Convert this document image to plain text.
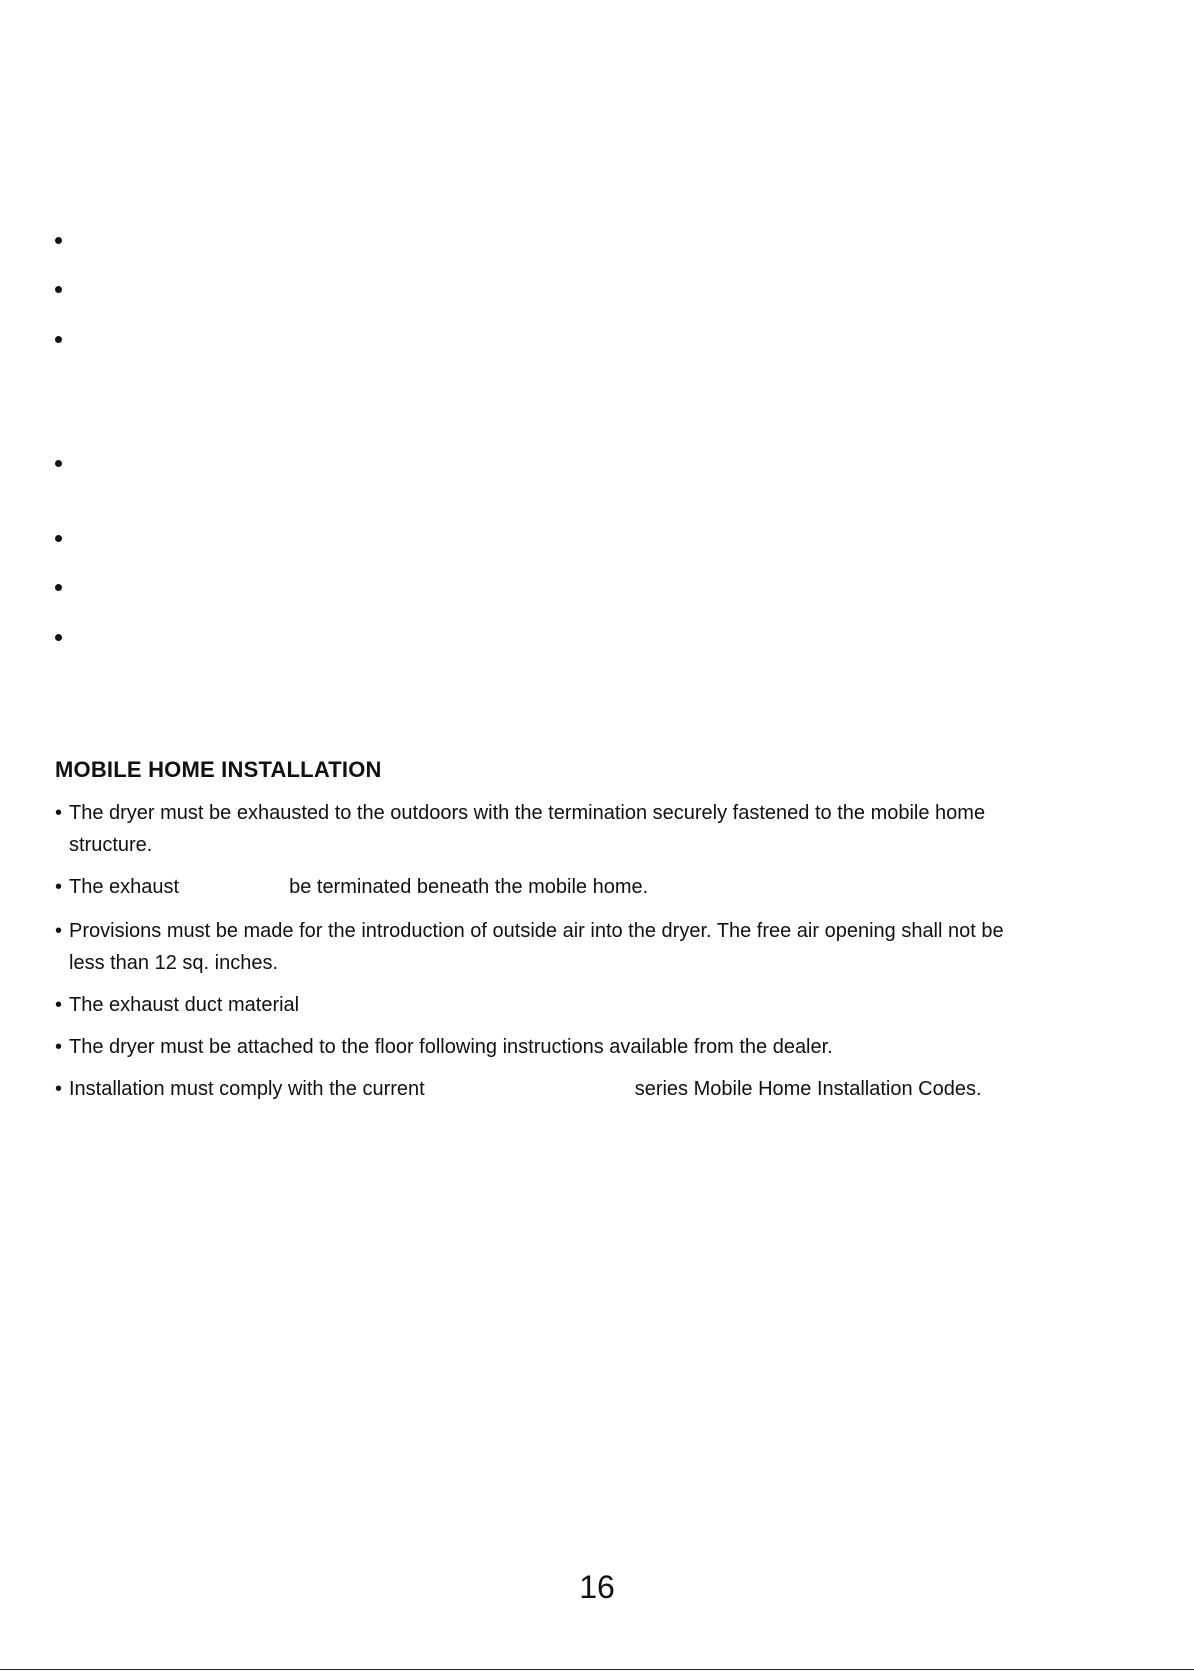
MOBILE HOME INSTALLATION
• The dryer must be exhausted to the outdoors with the termination securely fastened to the mobile home
structure.
• The exhaust	be terminated beneath the mobile home.
• Provisions must be made for the introduction of outside air into the dryer. The free air opening shall not be
less than 12 sq. inches.
• The exhaust duct material
• The dryer must be attached to the floor following instructions available from the dealer.
• Installation must comply with the current	series Mobile Home Installation Codes.
16
